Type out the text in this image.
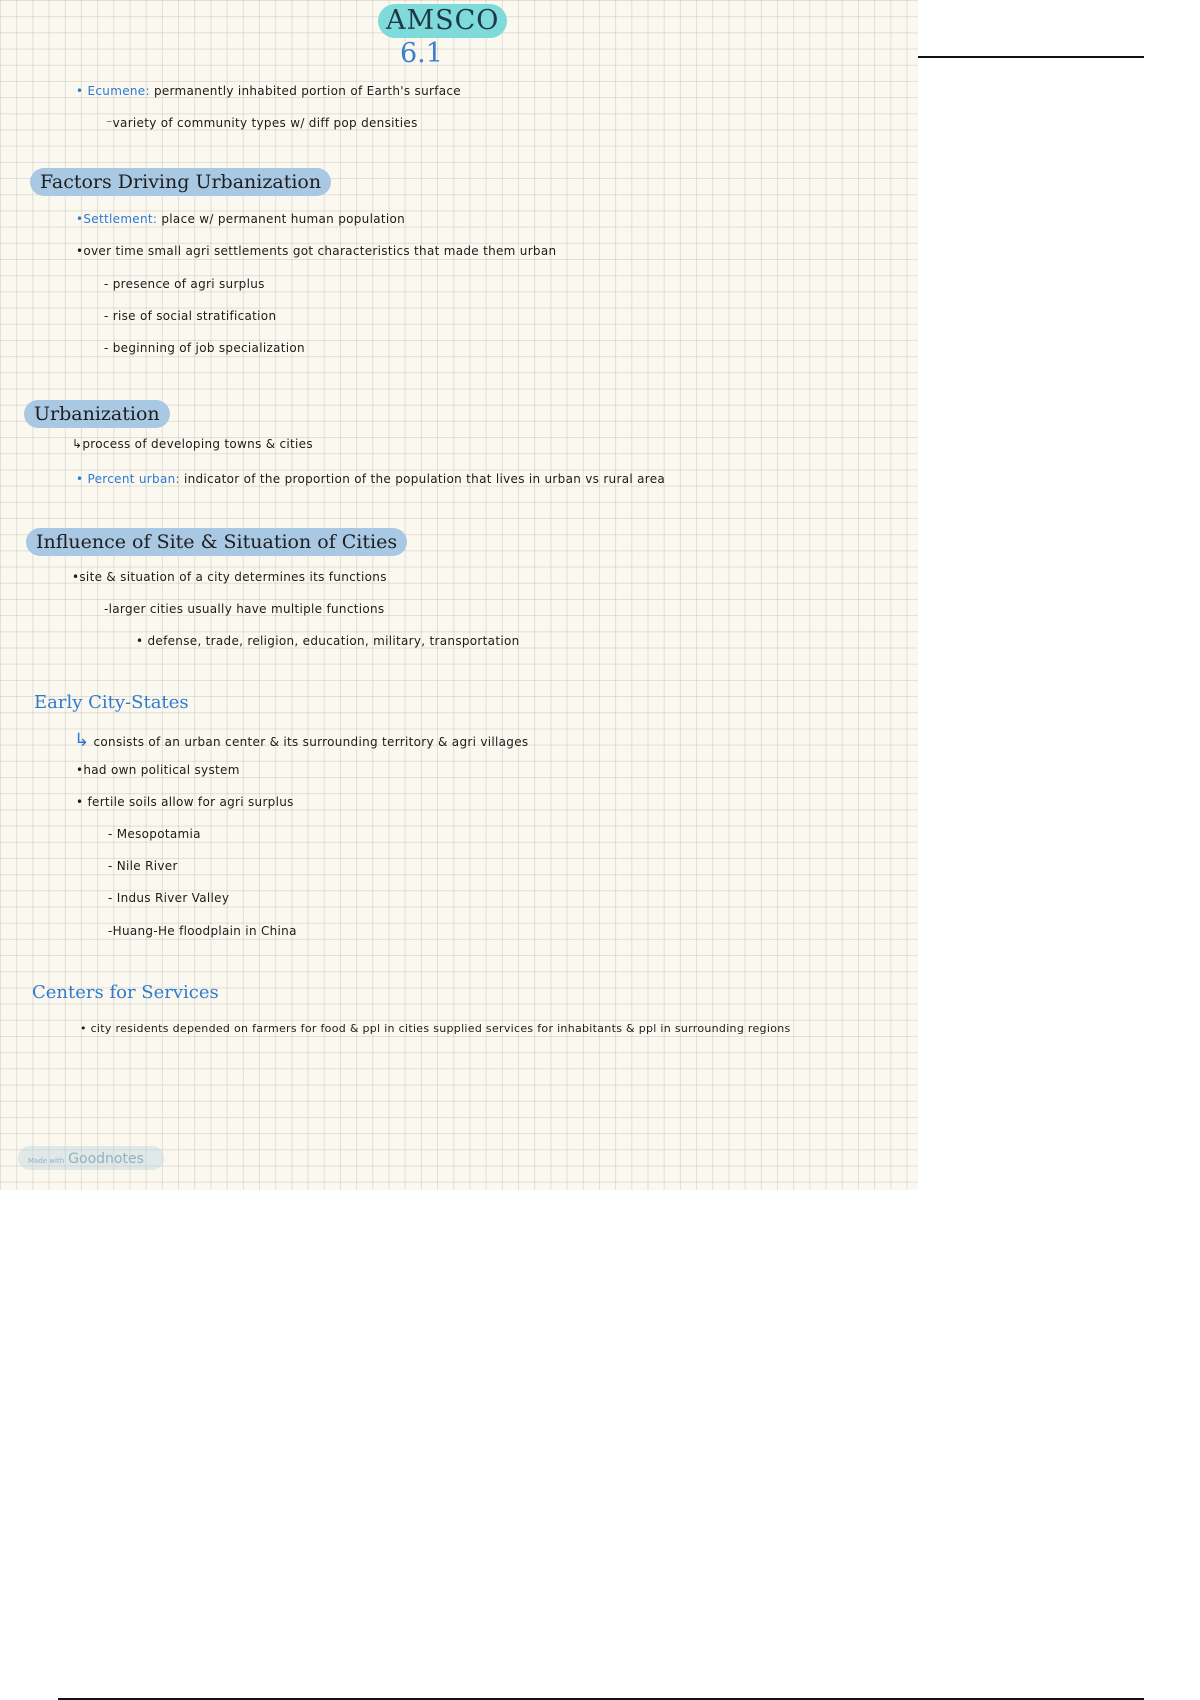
AMSCO
6.1
• Ecumene: permanently inhabited portion of Earth's surface
⁻variety of community types w/ diff pop densities
Factors Driving Urbanization
•Settlement: place w/ permanent human population
•over time small agri settlements got characteristics that made them urban
- presence of agri surplus
- rise of social stratification
- beginning of job specialization
Urbanization
↳process of developing towns & cities
• Percent urban: indicator of the proportion of the population that lives in urban vs rural area
Influence of Site & Situation of Cities
•site & situation of a city determines its functions
-larger cities usually have multiple functions
• defense, trade, religion, education, military, transportation
Early City-States
↳ consists of an urban center & its surrounding territory & agri villages
•had own political system
• fertile soils allow for agri surplus
- Mesopotamia
- Nile River
- Indus River Valley
-Huang-He floodplain in China
Centers for Services
• city residents depended on farmers for food & ppl in cities supplied services for inhabitants & ppl in surrounding regions
Made with Goodnotes
